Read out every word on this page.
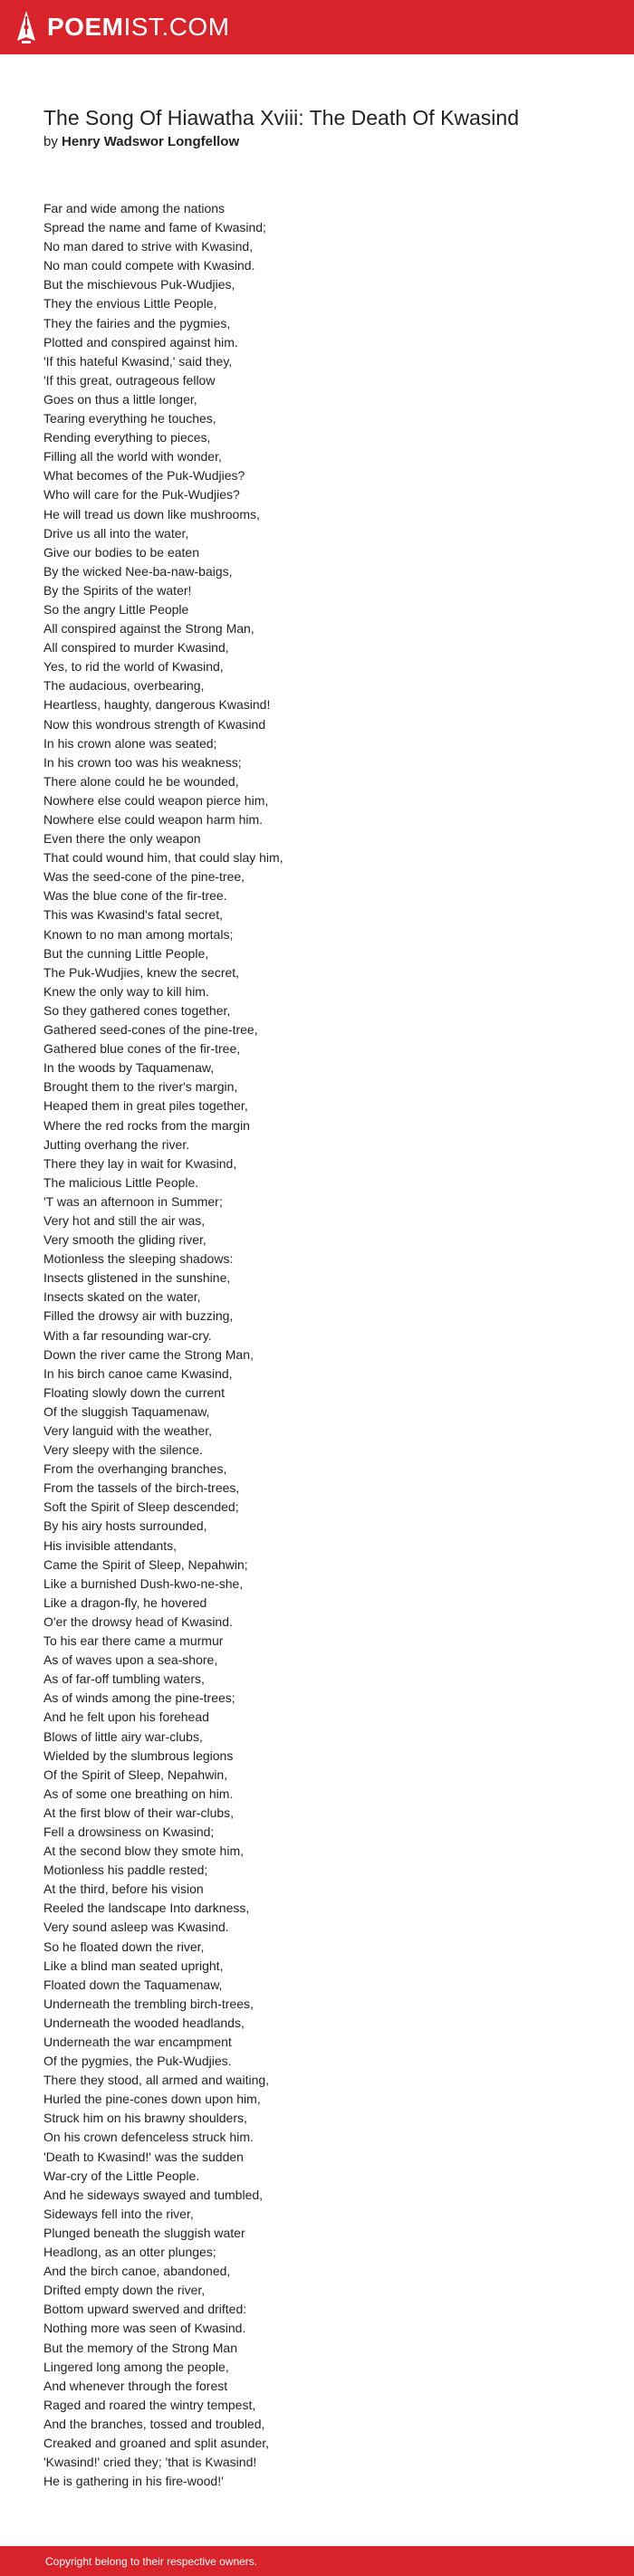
POEMIST.COM
The Song Of Hiawatha Xviii: The Death Of Kwasind
by Henry Wadswor Longfellow
Far and wide among the nations
Spread the name and fame of Kwasind;
No man dared to strive with Kwasind,
No man could compete with Kwasind.
But the mischievous Puk-Wudjies,
They the envious Little People,
They the fairies and the pygmies,
Plotted and conspired against him.
'If this hateful Kwasind,' said they,
'If this great, outrageous fellow
Goes on thus a little longer,
Tearing everything he touches,
Rending everything to pieces,
Filling all the world with wonder,
What becomes of the Puk-Wudjies?
Who will care for the Puk-Wudjies?
He will tread us down like mushrooms,
Drive us all into the water,
Give our bodies to be eaten
By the wicked Nee-ba-naw-baigs,
By the Spirits of the water!
So the angry Little People
All conspired against the Strong Man,
All conspired to murder Kwasind,
Yes, to rid the world of Kwasind,
The audacious, overbearing,
Heartless, haughty, dangerous Kwasind!
Now this wondrous strength of Kwasind
In his crown alone was seated;
In his crown too was his weakness;
There alone could he be wounded,
Nowhere else could weapon pierce him,
Nowhere else could weapon harm him.
Even there the only weapon
That could wound him, that could slay him,
Was the seed-cone of the pine-tree,
Was the blue cone of the fir-tree.
This was Kwasind's fatal secret,
Known to no man among mortals;
But the cunning Little People,
The Puk-Wudjies, knew the secret,
Knew the only way to kill him.
So they gathered cones together,
Gathered seed-cones of the pine-tree,
Gathered blue cones of the fir-tree,
In the woods by Taquamenaw,
Brought them to the river's margin,
Heaped them in great piles together,
Where the red rocks from the margin
Jutting overhang the river.
There they lay in wait for Kwasind,
The malicious Little People.
'T was an afternoon in Summer;
Very hot and still the air was,
Very smooth the gliding river,
Motionless the sleeping shadows:
Insects glistened in the sunshine,
Insects skated on the water,
Filled the drowsy air with buzzing,
With a far resounding war-cry.
Down the river came the Strong Man,
In his birch canoe came Kwasind,
Floating slowly down the current
Of the sluggish Taquamenaw,
Very languid with the weather,
Very sleepy with the silence.
From the overhanging branches,
From the tassels of the birch-trees,
Soft the Spirit of Sleep descended;
By his airy hosts surrounded,
His invisible attendants,
Came the Spirit of Sleep, Nepahwin;
Like a burnished Dush-kwo-ne-she,
Like a dragon-fly, he hovered
O'er the drowsy head of Kwasind.
To his ear there came a murmur
As of waves upon a sea-shore,
As of far-off tumbling waters,
As of winds among the pine-trees;
And he felt upon his forehead
Blows of little airy war-clubs,
Wielded by the slumbrous legions
Of the Spirit of Sleep, Nepahwin,
As of some one breathing on him.
At the first blow of their war-clubs,
Fell a drowsiness on Kwasind;
At the second blow they smote him,
Motionless his paddle rested;
At the third, before his vision
Reeled the landscape Into darkness,
Very sound asleep was Kwasind.
So he floated down the river,
Like a blind man seated upright,
Floated down the Taquamenaw,
Underneath the trembling birch-trees,
Underneath the wooded headlands,
Underneath the war encampment
Of the pygmies, the Puk-Wudjies.
There they stood, all armed and waiting,
Hurled the pine-cones down upon him,
Struck him on his brawny shoulders,
On his crown defenceless struck him.
'Death to Kwasind!' was the sudden
War-cry of the Little People.
And he sideways swayed and tumbled,
Sideways fell into the river,
Plunged beneath the sluggish water
Headlong, as an otter plunges;
And the birch canoe, abandoned,
Drifted empty down the river,
Bottom upward swerved and drifted:
Nothing more was seen of Kwasind.
But the memory of the Strong Man
Lingered long among the people,
And whenever through the forest
Raged and roared the wintry tempest,
And the branches, tossed and troubled,
Creaked and groaned and split asunder,
'Kwasind!' cried they; 'that is Kwasind!
He is gathering in his fire-wood!'
Copyright belong to their respective owners.
